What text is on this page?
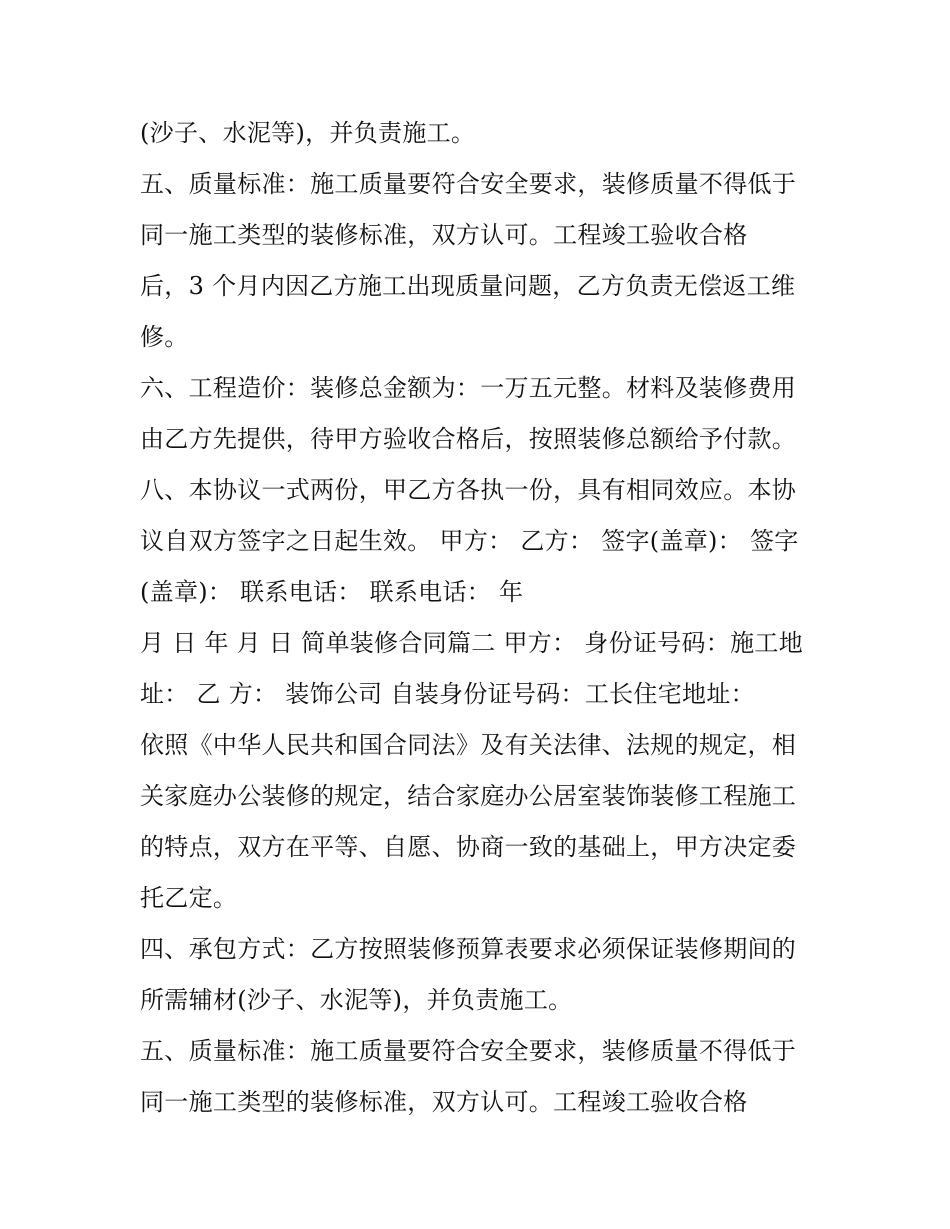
(沙子、水泥等)，并负责施工。
五、质量标准：施工质量要符合安全要求，装修质量不得低于
同一施工类型的装修标准，双方认可。工程竣工验收合格
后，3 个月内因乙方施工出现质量问题，乙方负责无偿返工维
修。
六、工程造价：装修总金额为：一万五元整。材料及装修费用
由乙方先提供，待甲方验收合格后，按照装修总额给予付款。
八、本协议一式两份，甲乙方各执一份，具有相同效应。本协
议自双方签字之日起生效。 甲方： 乙方： 签字(盖章)： 签字
(盖章)： 联系电话： 联系电话： 年
月 日 年 月 日 简单装修合同篇二 甲方： 身份证号码：施工地
址： 乙 方： 装饰公司 自装身份证号码：工长住宅地址：
依照《中华人民共和国合同法》及有关法律、法规的规定，相
关家庭办公装修的规定，结合家庭办公居室装饰装修工程施工
的特点，双方在平等、自愿、协商一致的基础上，甲方决定委
托乙定。
四、承包方式：乙方按照装修预算表要求必须保证装修期间的
所需辅材(沙子、水泥等)，并负责施工。
五、质量标准：施工质量要符合安全要求，装修质量不得低于
同一施工类型的装修标准，双方认可。工程竣工验收合格
